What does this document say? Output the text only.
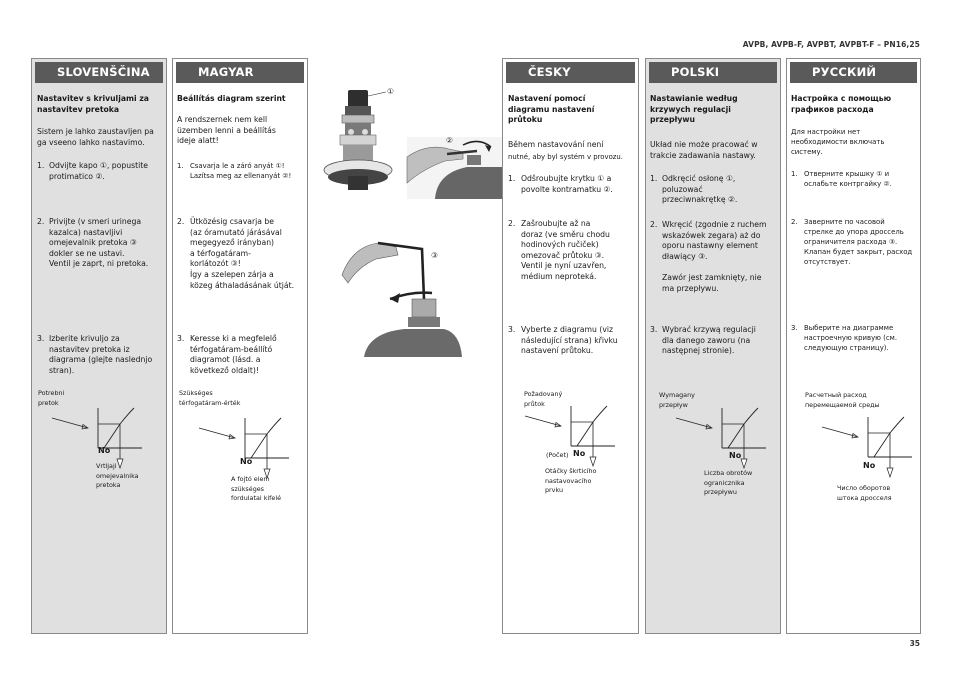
AVPB, AVPB-F, AVPBT, AVPBT-F – PN16,25
35
SLOVENŠČINA
Nastavitev s krivuljami za
nastavitev pretoka
Sistem je lahko zaustavljen pa
ga vseeno lahko nastavimo.
1. Odvijte kapo ①, popustite
protimatico ②.
2. Privijte (v smeri urinega
kazalca) nastavljivi
omejevalnik pretoka ③
dokler se ne ustavi.
Ventil je zaprt, ni pretoka.
3. Izberite krivuljo za
nastavitev pretoka iz
diagrama (glejte naslednjo
stran).
Potrebni
pretok
No
Vrtljaji
omejevalnika
pretoka
MAGYAR
Beállítás diagram szerint
A rendszernek nem kell
üzemben lenni a beállítás
ideje alatt!
1. Csavarja le a záró anyát ①!
Lazítsa meg az ellenanyát ②!
2. Ütközésig csavarja be
(az óramutató járásával
megegyező irányban)
a térfogatáram-
korlátozót ③!
Így a szelepen zárja a
közeg áthaladásának útját.
3. Keresse ki a megfelelő
térfogatáram-beállító
diagramot (lásd. a
következő oldalt)!
Szükséges
térfogatáram-érték
No
A fojtó elem
szükséges
fordulatai kifelé
①
②
③
ČESKY
Nastavení pomocí
diagramu nastavení
průtoku
Během nastavování není
nutné, aby byl systém v provozu.
1. Odšroubujte krytku ① a
povolte kontramatku ②.
2. Zašroubujte až na
doraz (ve směru chodu
hodinových ručiček)
omezovač průtoku ③.
Ventil je nyní uzavřen,
médium neproteká.
3. Vyberte z diagramu (viz
následující strana) křivku
nastavení průtoku.
Požadovaný
průtok
(Počet) No
Otáčky škrticího
nastavovacího
prvku
POLSKI
Nastawianie według
krzywych regulacji
przepływu
Układ nie może pracować w
trakcie zadawania nastawy.
1. Odkręcić osłonę ①,
poluzować
przeciwnakrętkę ②.
2. Wkręcić (zgodnie z ruchem
wskazówek zegara) aż do
oporu nastawny element
dławiący ③.

Zawór jest zamknięty, nie
ma przepływu.
3. Wybrać krzywą regulacji
dla danego zaworu (na
następnej stronie).
Wymagany
przepływ
No
Liczba obrotów
ogranicznika
przepływu
РУССКИЙ
Настройка с помощью
графиков расхода
Для настройки нет
необходимости включать
систему.
1. Отверните крышку ① и
ослабьте контргайку ②.
2. Заверните по часовой
стрелке до упора дроссель
ограничителя расхода ③.
Клапан будет закрыт, расход
отсутствует.
3. Выберите на диаграмме
настроечную кривую (см.
следующую страницу).
Расчетный расход
перемещаемой среды
No
Число оборотов
штока дросселя
